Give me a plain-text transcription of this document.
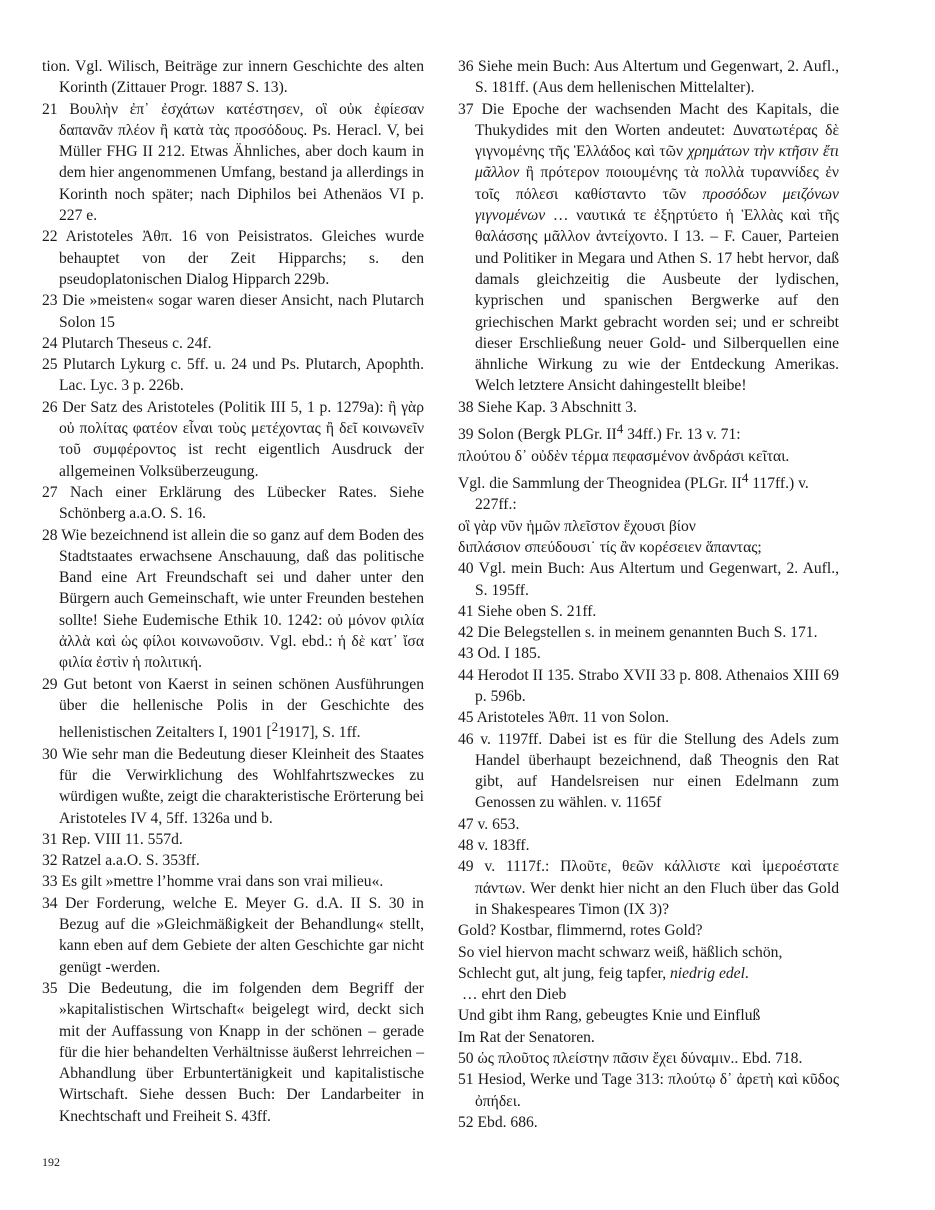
tion. Vgl. Wilisch, Beiträge zur innern Geschichte des alten Korinth (Zittauer Progr. 1887 S. 13).

21 Βουλὴν ἐπ᾽ ἐσχάτων κατέστησεν, οἳ οὐκ ἐφίεσαν δαπανᾶν πλέον ἢ κατὰ τὰς προσόδους. Ps. Heracl. V, bei Müller FHG II 212. Etwas Ähnliches, aber doch kaum in dem hier angenommenen Umfang, bestand ja allerdings in Korinth noch später; nach Diphilos bei Athenäos VI p. 227 e.

22 Aristoteles Ἀθπ. 16 von Peisistratos. Gleiches wurde behauptet von der Zeit Hipparchs; s. den pseudoplatonischen Dialog Hipparch 229b.

23 Die »meisten« sogar waren dieser Ansicht, nach Plutarch Solon 15

24 Plutarch Theseus c. 24f.

25 Plutarch Lykurg c. 5ff. u. 24 und Ps. Plutarch, Apophth. Lac. Lyc. 3 p. 226b.

26 Der Satz des Aristoteles (Politik III 5, 1 p. 1279a): ἢ γὰρ οὐ πολίτας φατέον εἶναι τοὺς μετέχοντας ἢ δεῖ κοινωνεῖν τοῦ συμφέροντος ist recht eigentlich Ausdruck der allgemeinen Volksüberzeugung.

27 Nach einer Erklärung des Lübecker Rates. Siehe Schönberg a.a.O. S. 16.

28 Wie bezeichnend ist allein die so ganz auf dem Boden des Stadtstaates erwachsene Anschauung, daß das politische Band eine Art Freundschaft sei und daher unter den Bürgern auch Gemeinschaft, wie unter Freunden bestehen sollte! Siehe Eudemische Ethik 10. 1242: οὐ μόνον φιλία ἀλλὰ καὶ ὡς φίλοι κοινωνοῦσιν. Vgl. ebd.: ἡ δὲ κατ᾽ ἴσα φιλία ἐστὶν ἡ πολιτική.

29 Gut betont von Kaerst in seinen schönen Ausführungen über die hellenische Polis in der Geschichte des hellenistischen Zeitalters I, 1901 [$^2$1917], S. 1ff.

30 Wie sehr man die Bedeutung dieser Kleinheit des Staates für die Verwirklichung des Wohlfahrtszweckes zu würdigen wußte, zeigt die charakteristische Erörterung bei Aristoteles IV 4, 5ff. 1326a und b.

31 Rep. VIII 11. 557d.

32 Ratzel a.a.O. S. 353ff.

33 Es gilt »mettre l’homme vrai dans son vrai milieu«.

34 Der Forderung, welche E. Meyer G. d.A. II S. 30 in Bezug auf die »Gleichmäßigkeit der Behandlung« stellt, kann eben auf dem Gebiete der alten Geschichte gar nicht genügt -werden.

35 Die Bedeutung, die im folgenden dem Begriff der »kapitalistischen Wirtschaft« beigelegt wird, deckt sich mit der Auffassung von Knapp in der schönen – gerade für die hier behandelten Verhältnisse äußerst lehrreichen – Abhandlung über Erbuntertänigkeit und kapitalistische Wirtschaft. Siehe dessen Buch: Der Landarbeiter in Knechtschaft und Freiheit S. 43ff.

36 Siehe mein Buch: Aus Altertum und Gegenwart, 2. Aufl., S. 181ff. (Aus dem hellenischen Mittelalter).

37 Die Epoche der wachsenden Macht des Kapitals, die Thukydides mit den Worten andeutet: Δυνατωτέρας δὲ γιγνομένης τῆς Ἑλλάδος καὶ τῶν χρημάτων τὴν κτῆσιν ἔτι μᾶλλον ἢ πρότερον ποιουμένης τὰ πολλὰ τυραννίδες ἐν τοῖς πόλεσι καθίσταντο τῶν προσόδων μειζόνων γιγνομένων … ναυτικά τε ἐξηρτύετο ἡ Ἑλλὰς καὶ τῆς θαλάσσης μᾶλλον ἀντείχοντο. I 13. – F. Cauer, Parteien und Politiker in Megara und Athen S. 17 hebt hervor, daß damals gleichzeitig die Ausbeute der lydischen, kyprischen und spanischen Bergwerke auf den griechischen Markt gebracht worden sei; und er schreibt dieser Erschließung neuer Gold- und Silberquellen eine ähnliche Wirkung zu wie der Entdeckung Amerikas. Welch letztere Ansicht dahingestellt bleibe!

38 Siehe Kap. 3 Abschnitt 3.

39 Solon (Bergk PLGr. $II^4$ 34ff.) Fr. 13 v. 71:
πλούτου δ᾽ οὐδὲν τέρμα πεφασμένον ἀνδράσι κεῖται.
Vgl. die Sammlung der Theognidea (PLGr. $II^4$ 117ff.) v. 227ff.:
οἳ γὰρ νῦν ἡμῶν πλεῖστον ἔχουσι βίον
διπλάσιον σπεύδουσι˙ τίς ἂν κορέσειεν ἅπαντας;

40 Vgl. mein Buch: Aus Altertum und Gegenwart, 2. Aufl., S. 195ff.

41 Siehe oben S. 21ff.

42 Die Belegstellen s. in meinem genannten Buch S. 171.

43 Od. I 185.

44 Herodot II 135. Strabo XVII 33 p. 808. Athenaios XIII 69 p. 596b.

45 Aristoteles Ἀθπ. 11 von Solon.

46 v. 1197ff. Dabei ist es für die Stellung des Adels zum Handel überhaupt bezeichnend, daß Theognis den Rat gibt, auf Handelsreisen nur einen Edelmann zum Genossen zu wählen. v. 1165f

47 v. 653.

48 v. 183ff.

49 v. 1117f.: Πλοῦτε, θεῶν κάλλιστε καὶ ἱμεροέστατε πάντων. Wer denkt hier nicht an den Fluch über das Gold in Shakespeares Timon (IX 3)?
Gold? Kostbar, flimmernd, rotes Gold?
So viel hiervon macht schwarz weiß, häßlich schön,
Schlecht gut, alt jung, feig tapfer, niedrig edel.
… ehrt den Dieb
Und gibt ihm Rang, gebeugtes Knie und Einfluß
Im Rat der Senatoren.

50 ὡς πλοῦτος πλείστην πᾶσιν ἔχει δύναμιν.. Ebd. 718.

51 Hesiod, Werke und Tage 313: πλούτῳ δ᾽ ἀρετὴ καὶ κῦδος ὀπήδει.

52 Ebd. 686.

192
